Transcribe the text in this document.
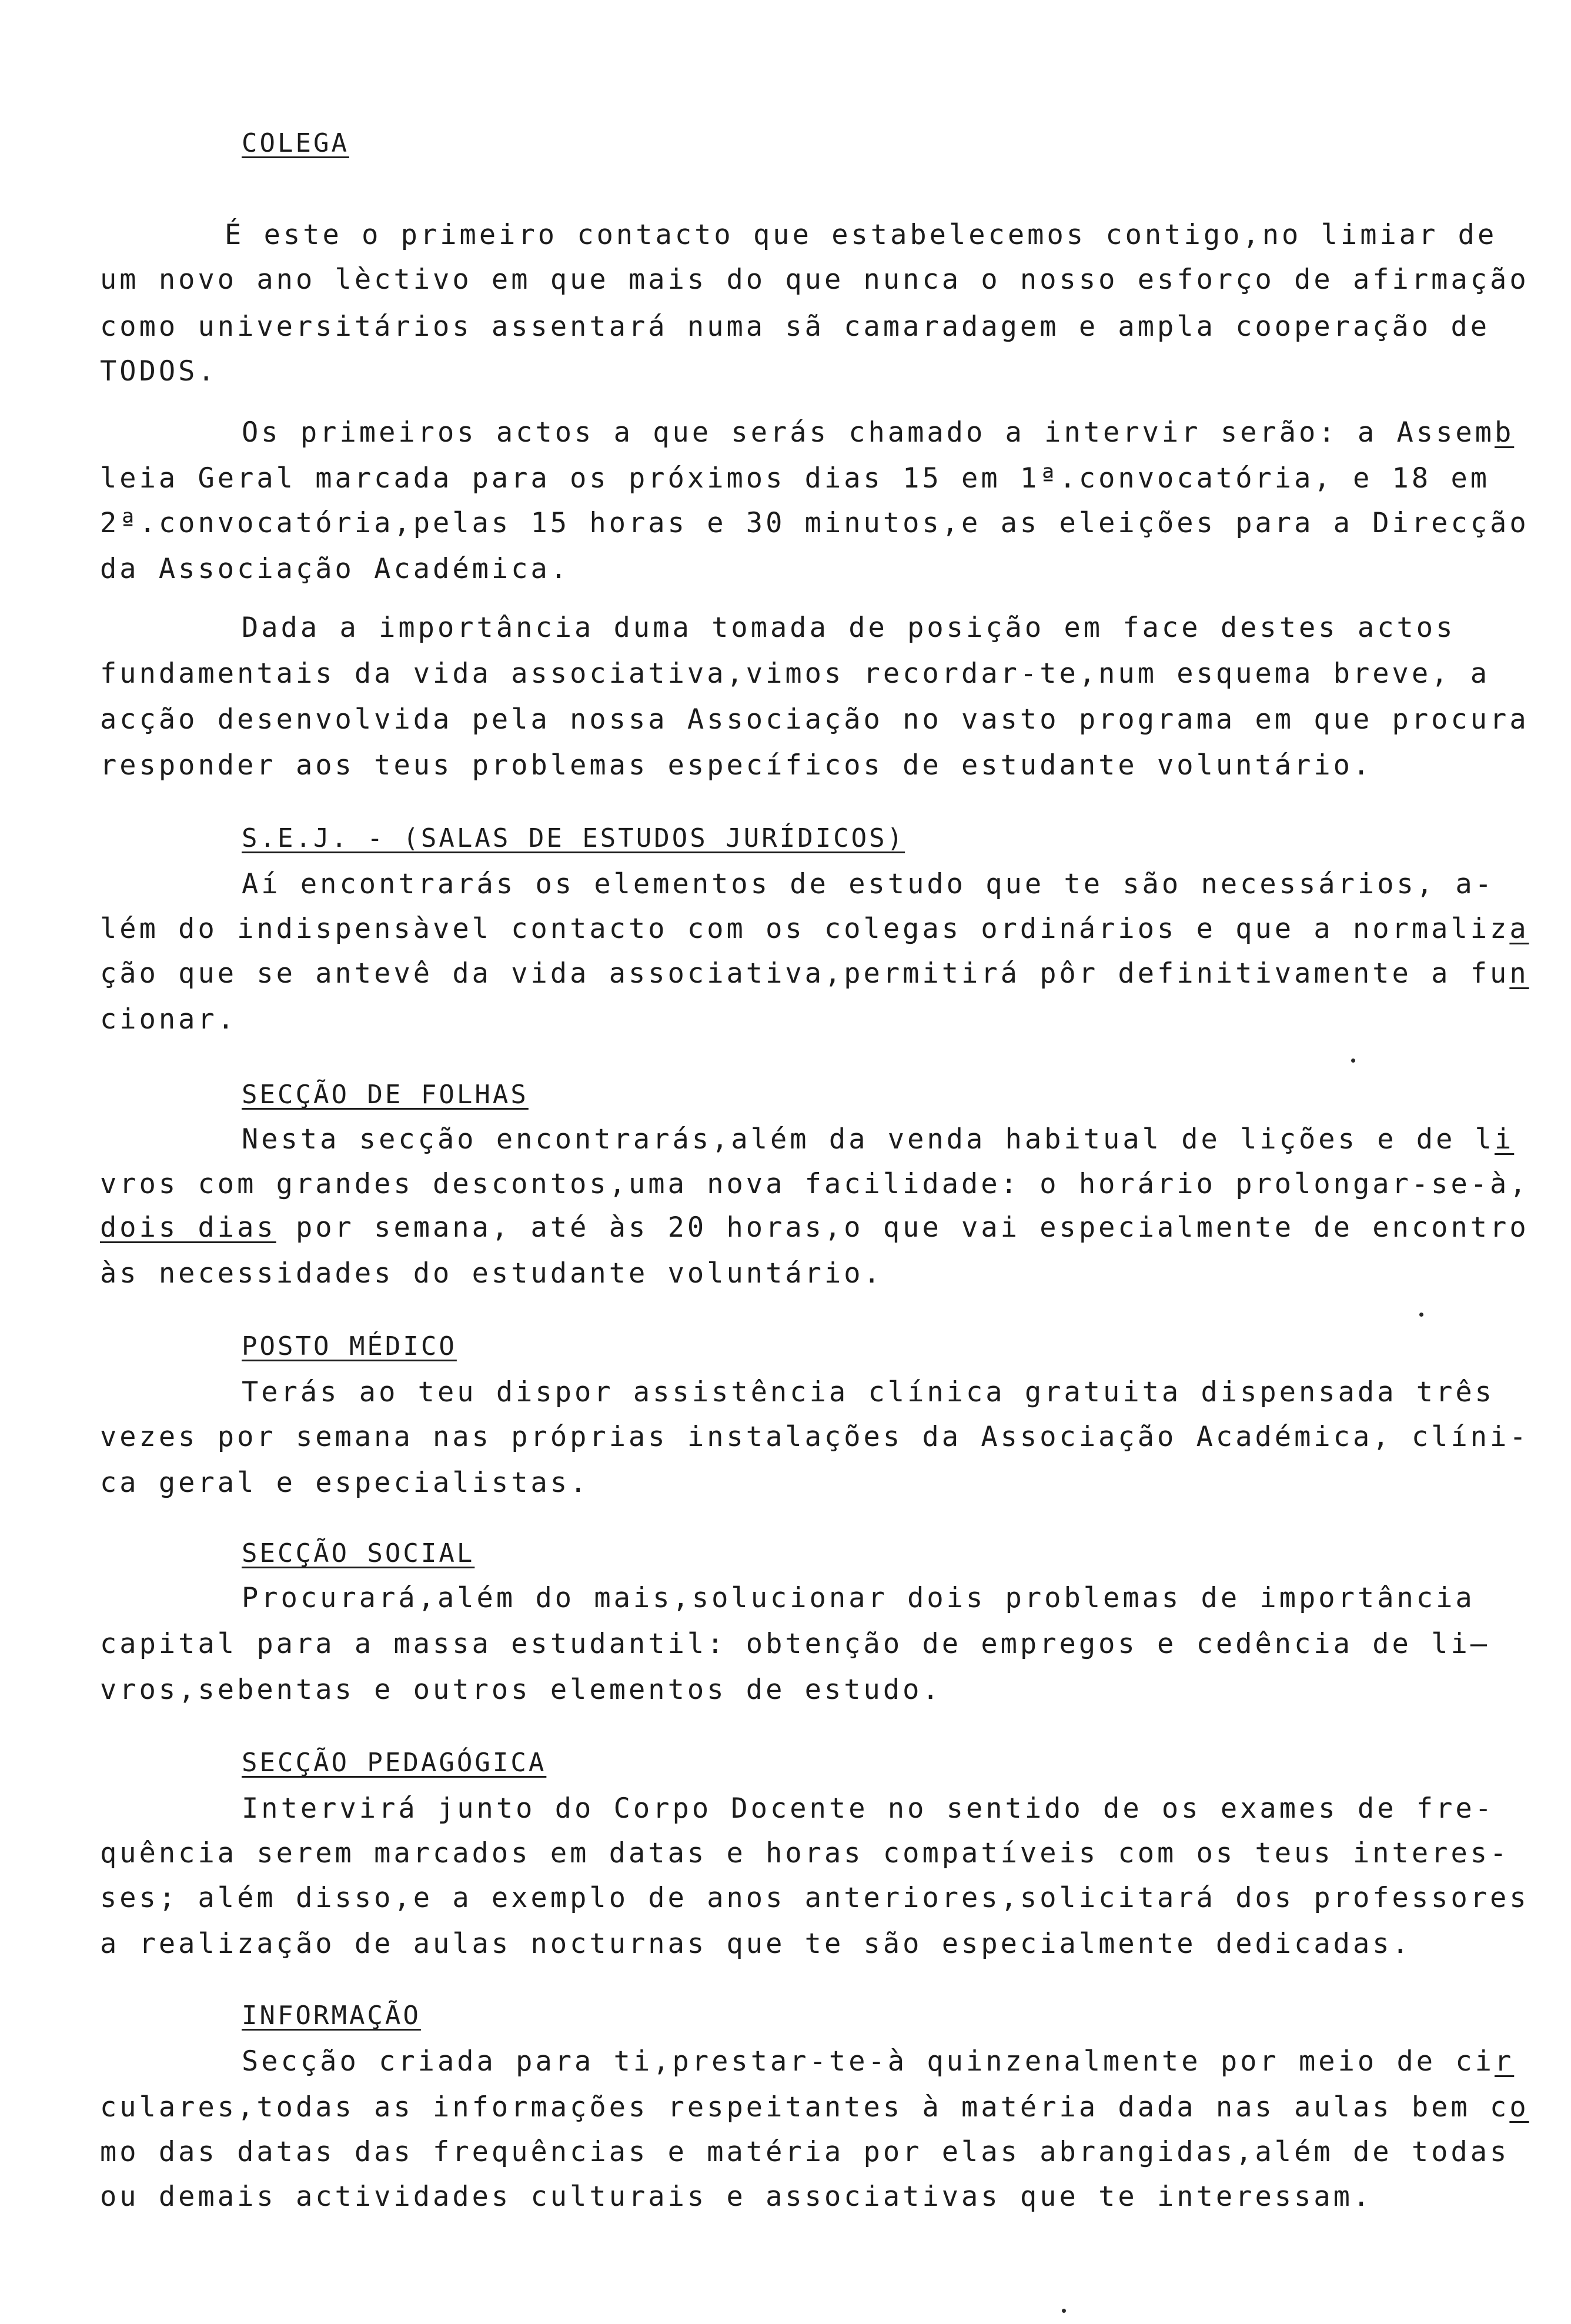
COLEGA
É este o primeiro contacto que estabelecemos contigo,no limiar de
um novo ano lèctivo em que mais do que nunca o nosso esforço de afirmação
como universitários assentará numa sã camaradagem e ampla cooperação de
TODOS.
Os primeiros actos a que serás chamado a intervir serão: a Assemb
leia Geral marcada para os próximos dias 15 em 1ª.convocatória, e 18 em
2ª.convocatória,pelas 15 horas e 30 minutos,e as eleições para a Direcção
da Associação Académica.
Dada a importância duma tomada de posição em face destes actos
fundamentais da vida associativa,vimos recordar-te,num esquema breve, a
acção desenvolvida pela nossa Associação no vasto programa em que procura
responder aos teus problemas específicos de estudante voluntário.
S.E.J. - (SALAS DE ESTUDOS JURÍDICOS)
Aí encontrarás os elementos de estudo que te são necessários, a-
lém do indispensàvel contacto com os colegas ordinários e que a normaliza
ção que se antevê da vida associativa,permitirá pôr definitivamente a fun
cionar.
SECÇÃO DE FOLHAS
Nesta secção encontrarás,além da venda habitual de lições e de li
vros com grandes descontos,uma nova facilidade: o horário prolongar-se-à,
dois dias por semana, até às 20 horas,o que vai especialmente de encontro
às necessidades do estudante voluntário.
POSTO MÉDICO
Terás ao teu dispor assistência clínica gratuita dispensada três
vezes por semana nas próprias instalações da Associação Académica, clíni-
ca geral e especialistas.
SECÇÃO SOCIAL
Procurará,além do mais,solucionar dois problemas de importância
capital para a massa estudantil: obtenção de empregos e cedência de li—
vros,sebentas e outros elementos de estudo.
SECÇÃO PEDAGÓGICA
Intervirá junto do Corpo Docente no sentido de os exames de fre-
quência serem marcados em datas e horas compatíveis com os teus interes-
ses; além disso,e a exemplo de anos anteriores,solicitará dos professores
a realização de aulas nocturnas que te são especialmente dedicadas.
INFORMAÇÃO
Secção criada para ti,prestar-te-à quinzenalmente por meio de cir
culares,todas as informações respeitantes à matéria dada nas aulas bem co
mo das datas das frequências e matéria por elas abrangidas,além de todas
ou demais actividades culturais e associativas que te interessam.
